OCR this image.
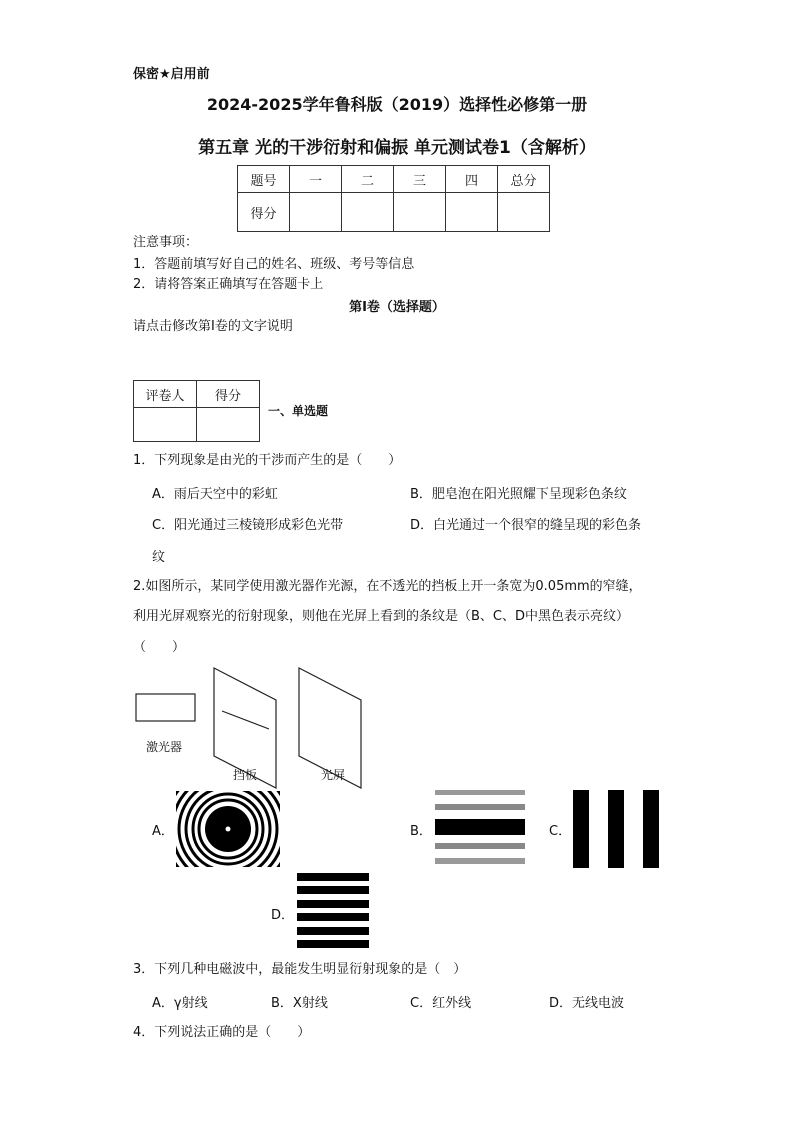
保密★启用前
2024-2025学年鲁科版（2019）选择性必修第一册
第五章 光的干涉衍射和偏振 单元测试卷1（含解析）
题号	一	二	三	四	总分
得分					
注意事项：
1．答题前填写好自己的姓名、班级、考号等信息
2．请将答案正确填写在答题卡上
第I卷（选择题）
请点击修改第I卷的文字说明
评卷人	得分

一、单选题
1．下列现象是由光的干涉而产生的是（　　）
A．雨后天空中的彩虹	B．肥皂泡在阳光照耀下呈现彩色条纹
C．阳光通过三棱镜形成彩色光带	D．白光通过一个很窄的缝呈现的彩色条
纹
2.如图所示，某同学使用激光器作光源，在不透光的挡板上开一条宽为0.05mm的窄缝，
利用光屏观察光的衍射现象，则他在光屏上看到的条纹是（B、C、D中黑色表示亮纹）
（　　）
激光器
挡板	光屏
A．	B．	C．
D．
3．下列几种电磁波中，最能发生明显衍射现象的是（　）
A．γ射线	B．X射线	C．红外线	D．无线电波
4．下列说法正确的是（　　）
